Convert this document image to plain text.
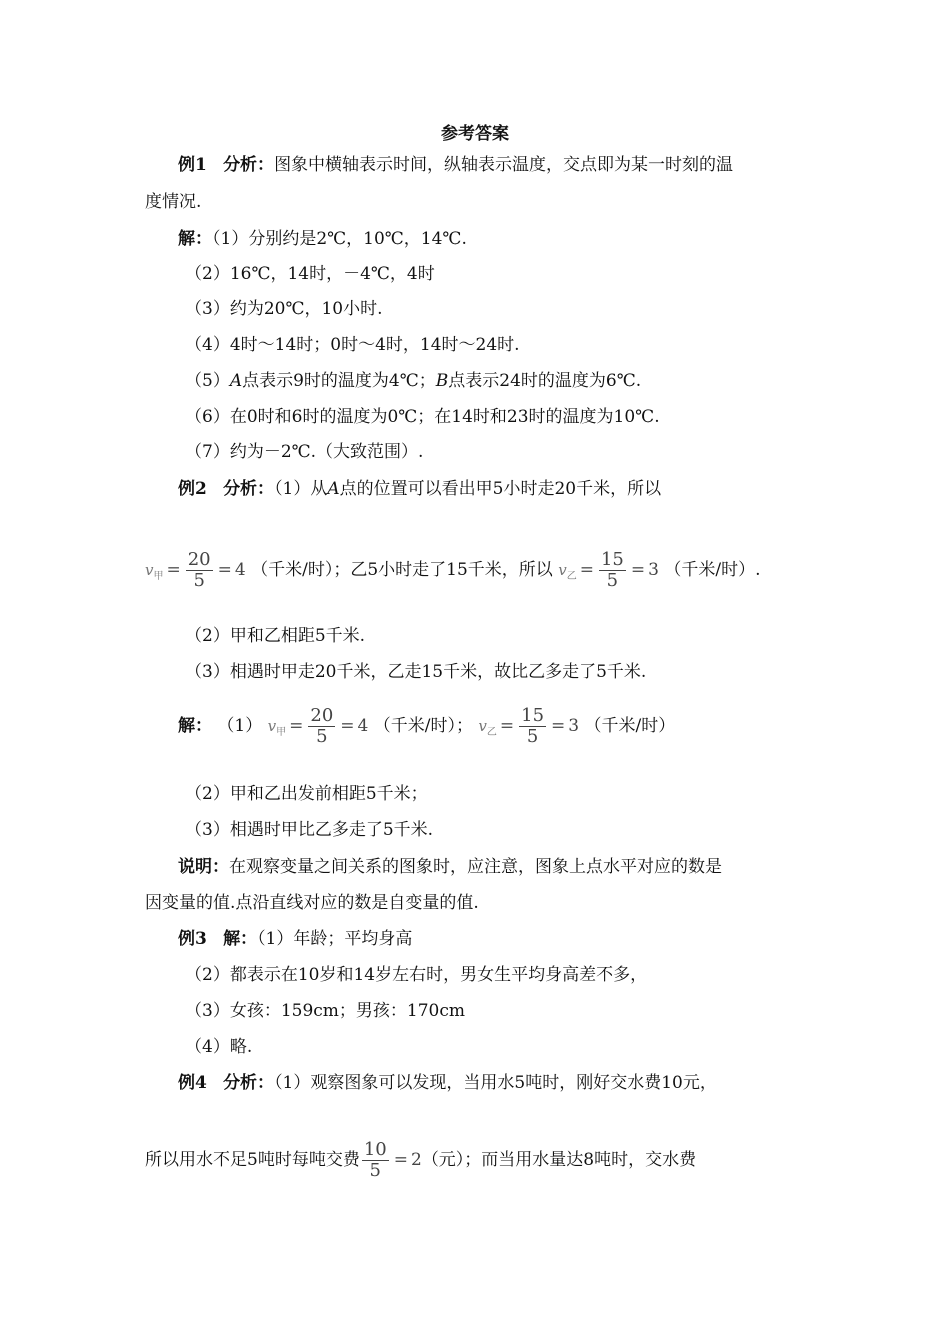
参考答案
例1 分析：图象中横轴表示时间，纵轴表示温度，交点即为某一时刻的温
度情况.
解：（1）分别约是2℃，10℃，14℃.
（2）16℃，14时，－4℃，4时
（3）约为20℃，10小时.
（4）4时～14时；0时～4时，14时～24时.
（5）A点表示9时的温度为4℃；B点表示24时的温度为6℃.
（6）在0时和6时的温度为0℃；在14时和23时的温度为10℃.
（7）约为－2℃.（大致范围）.
例2 分析：（1）从A点的位置可以看出甲5小时走20千米，所以
$v_甲 = \frac{20}{5} = 4$ （千米/时）；乙5小时走了15千米，所以 $v_乙 = \frac{15}{5} = 3$ （千米/时）.
（2）甲和乙相距5千米.
（3）相遇时甲走20千米，乙走15千米，故比乙多走了5千米.
解： （1） $v_甲 = \frac{20}{5} = 4$ （千米/时）； $v_乙 = \frac{15}{5} = 3$ （千米/时）
（2）甲和乙出发前相距5千米；
（3）相遇时甲比乙多走了5千米.
说明：在观察变量之间关系的图象时，应注意，图象上点水平对应的数是
因变量的值.点沿直线对应的数是自变量的值.
例3 解：（1）年龄；平均身高
（2）都表示在10岁和14岁左右时，男女生平均身高差不多，
（3）女孩：159cm；男孩：170cm
（4）略.
例4 分析：（1）观察图象可以发现，当用水5吨时，刚好交水费10元，
所以用水不足5吨时每吨交费 $\frac{10}{5} = 2$（元）；而当用水量达8吨时，交水费
